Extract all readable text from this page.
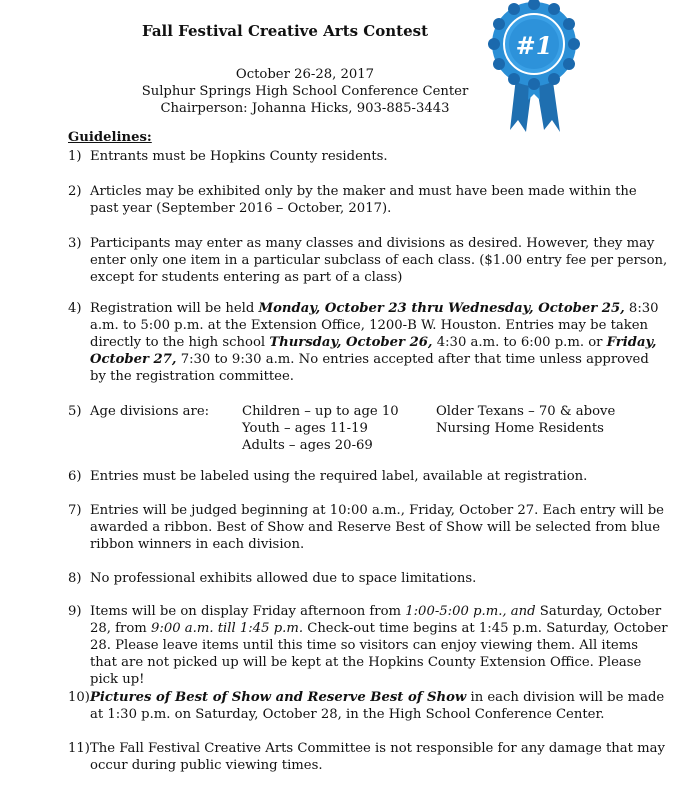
#1
Fall Festival Creative Arts Contest
October 26-28, 2017
Sulphur Springs High School Conference Center
Chairperson: Johanna Hicks, 903-885-3443
Guidelines:
1) Entrants must be Hopkins County residents.
2) Articles may be exhibited only by the maker and must have been made within the past year (September 2016 – October, 2017).
3) Participants may enter as many classes and divisions as desired. However, they may enter only one item in a particular subclass of each class. ($1.00 entry fee per person, except for students entering as part of a class)
4) Registration will be held Monday, October 23 thru Wednesday, October 25, 8:30 a.m. to 5:00 p.m. at the Extension Office, 1200-B W. Houston. Entries may be taken directly to the high school Thursday, October 26, 4:30 a.m. to 6:00 p.m. or Friday, October 27, 7:30 to 9:30 a.m. No entries accepted after that time unless approved by the registration committee.
5) Age divisions are: Children – up to age 10
Youth – ages 11-19
Adults – ages 20-69
Older Texans – 70 & above
Nursing Home Residents
6) Entries must be labeled using the required label, available at registration.
7) Entries will be judged beginning at 10:00 a.m., Friday, October 27. Each entry will be awarded a ribbon. Best of Show and Reserve Best of Show will be selected from blue ribbon winners in each division.
8) No professional exhibits allowed due to space limitations.
9) Items will be on display Friday afternoon from 1:00-5:00 p.m., and Saturday, October 28, from 9:00 a.m. till 1:45 p.m. Check-out time begins at 1:45 p.m. Saturday, October 28. Please leave items until this time so visitors can enjoy viewing them. All items that are not picked up will be kept at the Hopkins County Extension Office. Please pick up!
10) Pictures of Best of Show and Reserve Best of Show in each division will be made at 1:30 p.m. on Saturday, October 28, in the High School Conference Center.
11) The Fall Festival Creative Arts Committee is not responsible for any damage that may occur during public viewing times.
